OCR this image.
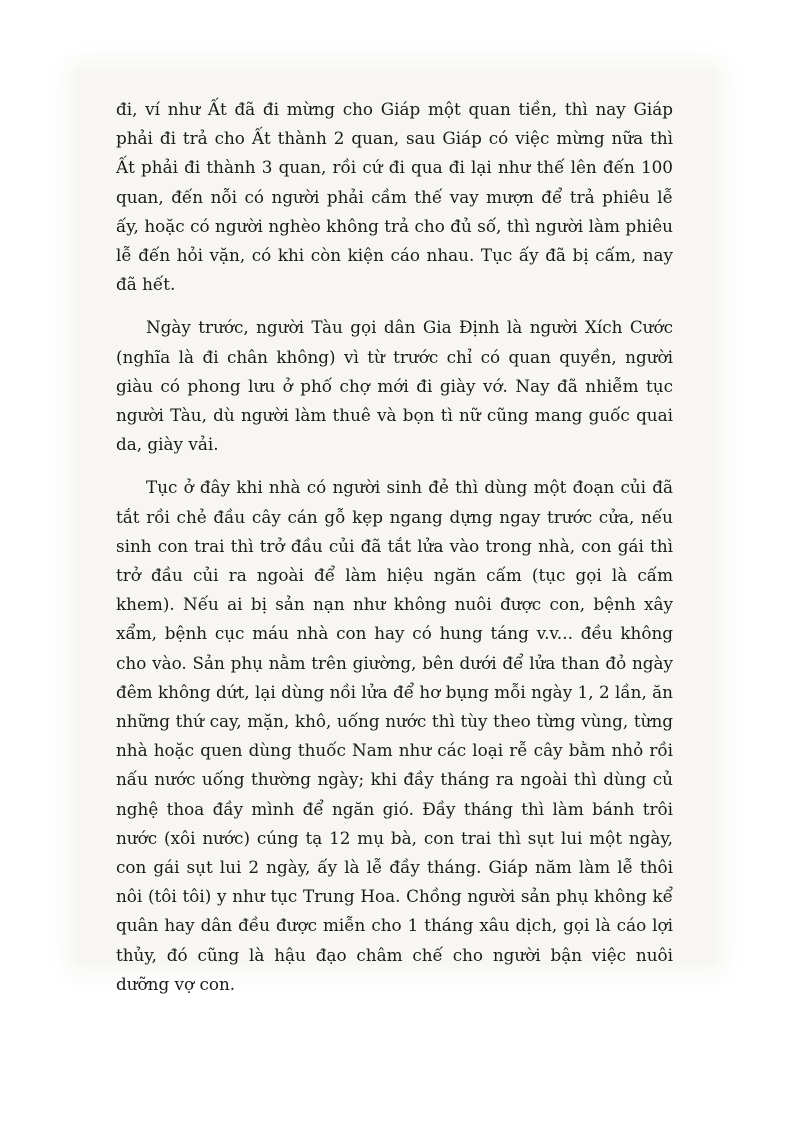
đi, ví như Ất đã đi mừng cho Giáp một quan tiền, thì nay Giáp phải đi trả cho Ất thành 2 quan, sau Giáp có việc mừng nữa thì Ất phải đi thành 3 quan, rồi cứ đi qua đi lại như thế lên đến 100 quan, đến nỗi có người phải cầm thế vay mượn để trả phiêu lễ ấy, hoặc có người nghèo không trả cho đủ số, thì người làm phiêu lễ đến hỏi vặn, có khi còn kiện cáo nhau. Tục ấy đã bị cấm, nay đã hết.

Ngày trước, người Tàu gọi dân Gia Định là người Xích Cước (nghĩa là đi chân không) vì từ trước chỉ có quan quyền, người giàu có phong lưu ở phố chợ mới đi giày vớ. Nay đã nhiễm tục người Tàu, dù người làm thuê và bọn tì nữ cũng mang guốc quai da, giày vải.

Tục ở đây khi nhà có người sinh đẻ thì dùng một đoạn củi đã tắt rồi chẻ đầu cây cán gỗ kẹp ngang dựng ngay trước cửa, nếu sinh con trai thì trở đầu củi đã tắt lửa vào trong nhà, con gái thì trở đầu củi ra ngoài để làm hiệu ngăn cấm (tục gọi là cấm khem). Nếu ai bị sản nạn như không nuôi được con, bệnh xây xẩm, bệnh cục máu nhà con hay có hung táng v.v... đều không cho vào. Sản phụ nằm trên giường, bên dưới để lửa than đỏ ngày đêm không dứt, lại dùng nồi lửa để hơ bụng mỗi ngày 1, 2 lần, ăn những thứ cay, mặn, khô, uống nước thì tùy theo từng vùng, từng nhà hoặc quen dùng thuốc Nam như các loại rễ cây bằm nhỏ rồi nấu nước uống thường ngày; khi đầy tháng ra ngoài thì dùng củ nghệ thoa đầy mình để ngăn gió. Đầy tháng thì làm bánh trôi nước (xôi nước) cúng tạ 12 mụ bà, con trai thì sụt lui một ngày, con gái sụt lui 2 ngày, ấy là lễ đầy tháng. Giáp năm làm lễ thôi nôi (tôi tôi) y như tục Trung Hoa. Chồng người sản phụ không kể quân hay dân đều được miễn cho 1 tháng xâu dịch, gọi là cáo lợi thủy, đó cũng là hậu đạo châm chế cho người bận việc nuôi dưỡng vợ con.
